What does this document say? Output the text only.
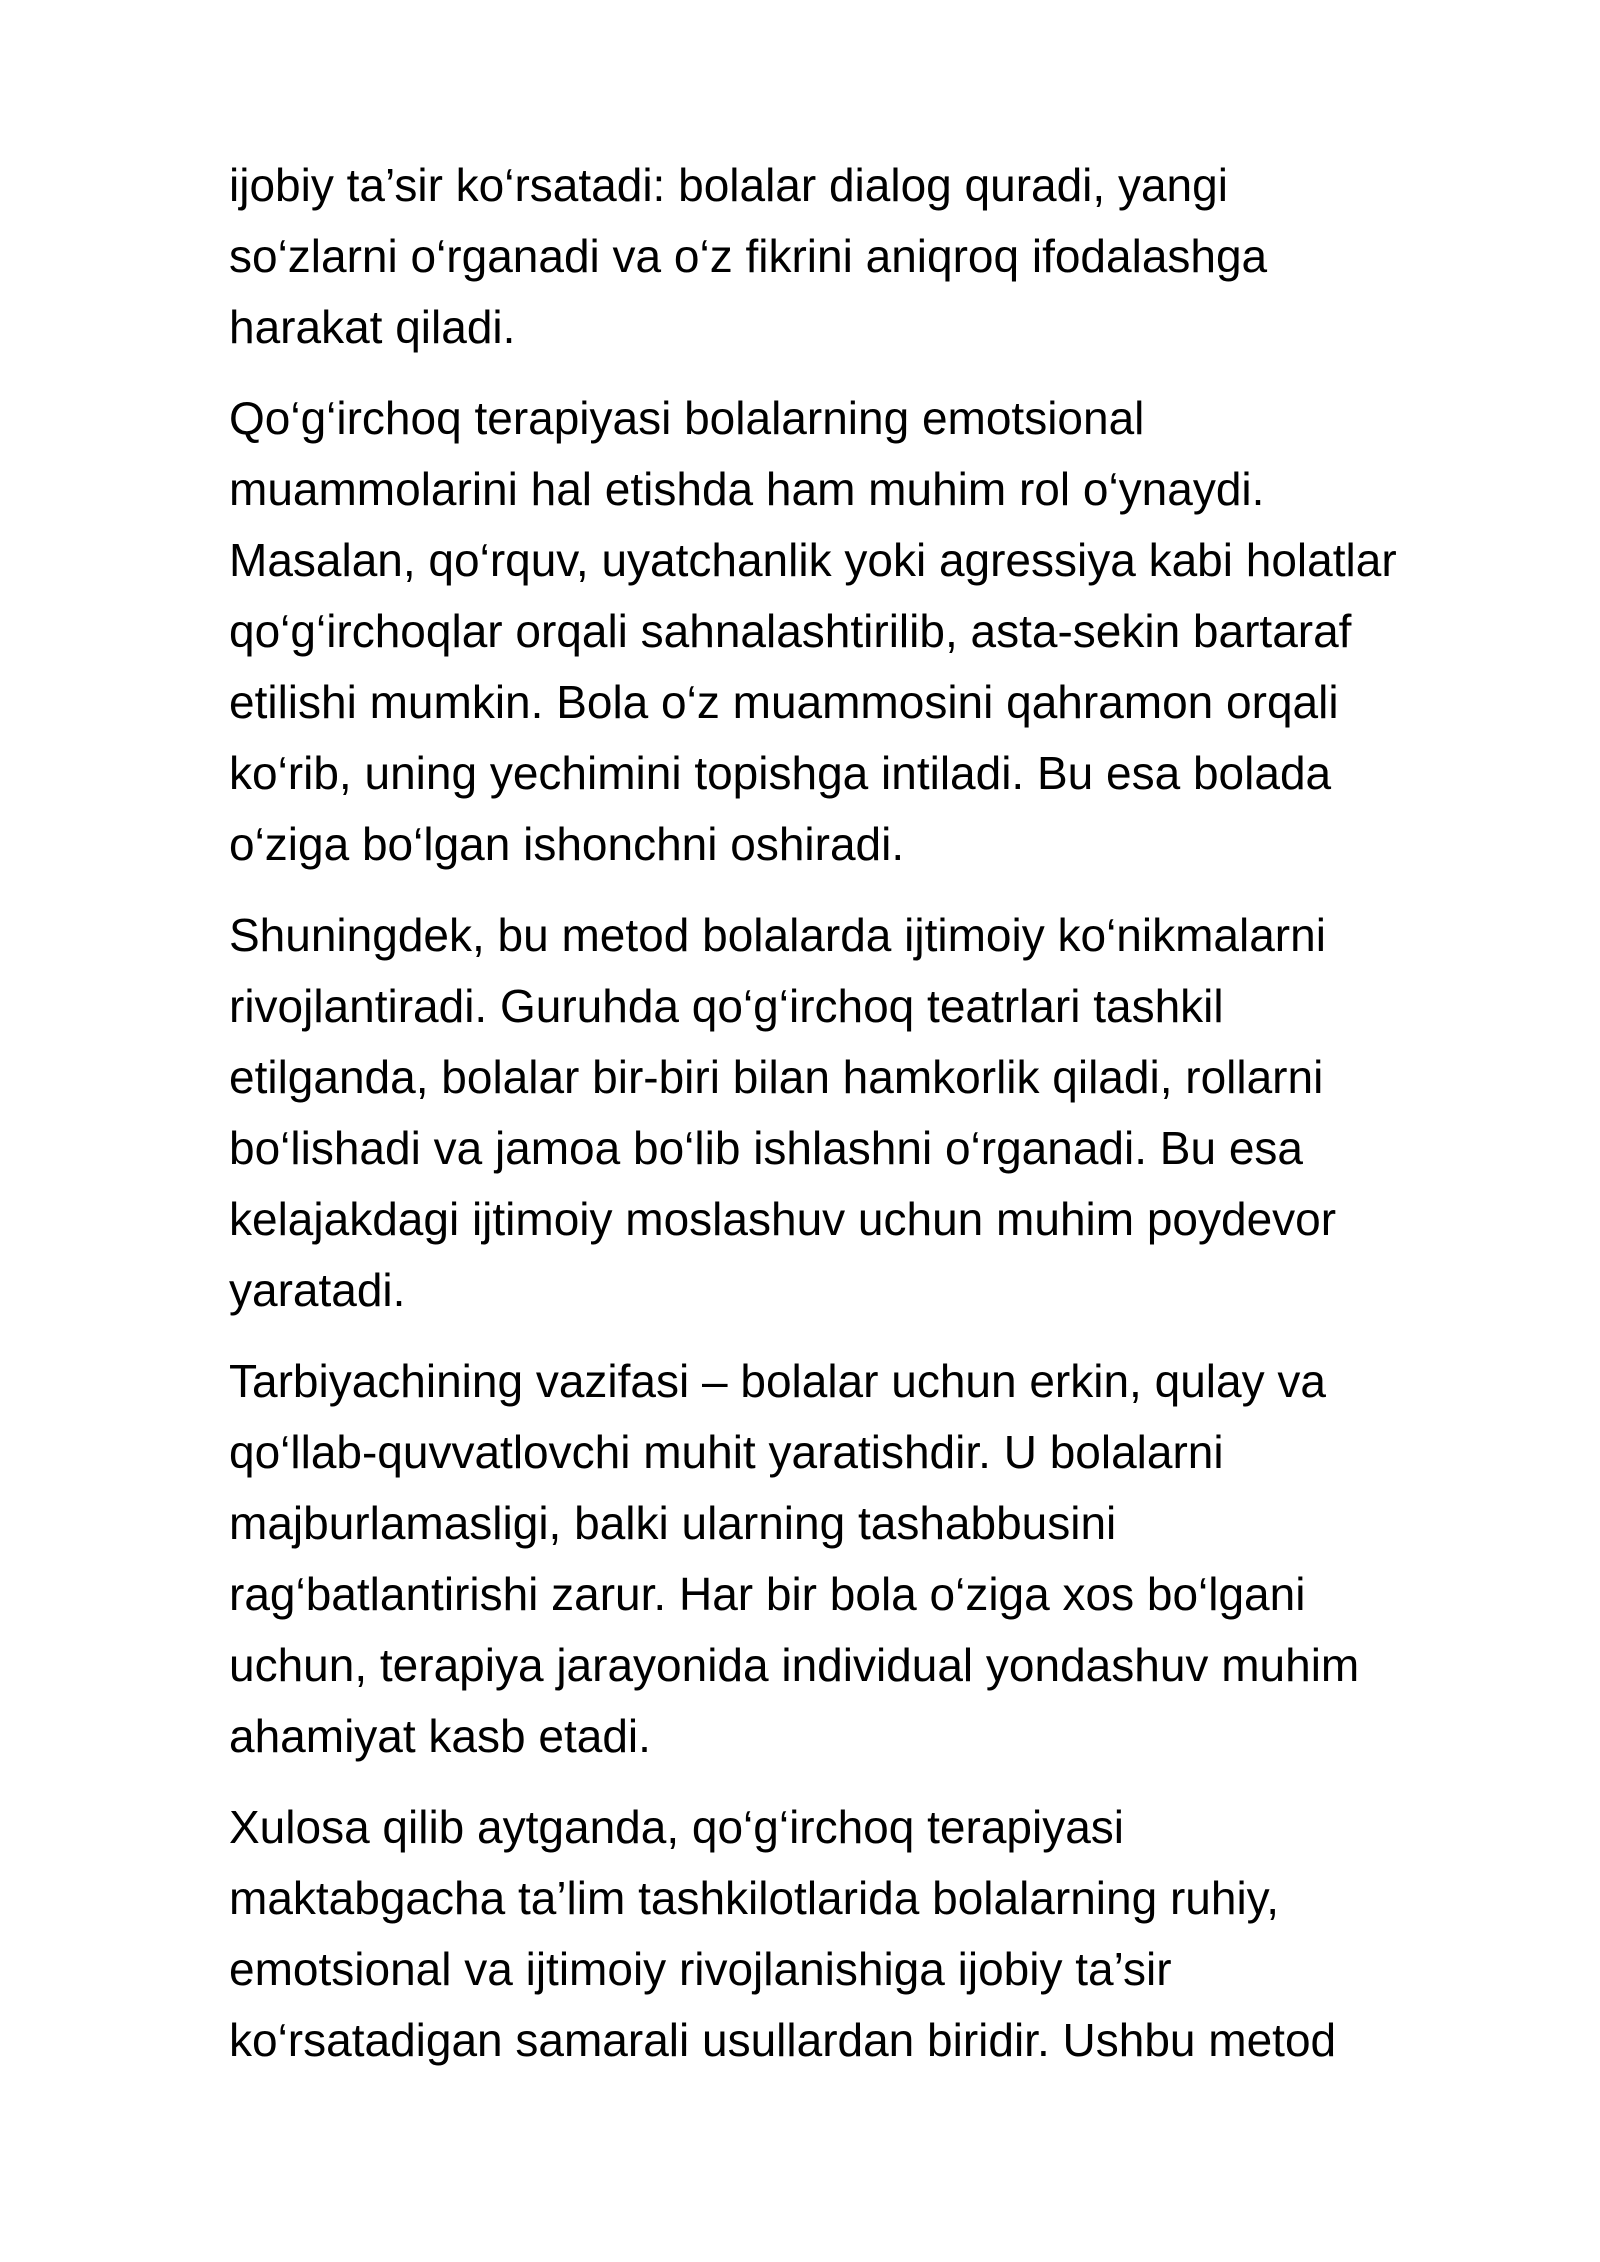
ijobiy ta’sir ko‘rsatadi: bolalar dialog quradi, yangi
so‘zlarni o‘rganadi va o‘z fikrini aniqroq ifodalashga
harakat qiladi.

Qo‘g‘irchoq terapiyasi bolalarning emotsional
muammolarini hal etishda ham muhim rol o‘ynaydi.
Masalan, qo‘rquv, uyatchanlik yoki agressiya kabi holatlar
qo‘g‘irchoqlar orqali sahnalashtirilib, asta-sekin bartaraf
etilishi mumkin. Bola o‘z muammosini qahramon orqali
ko‘rib, uning yechimini topishga intiladi. Bu esa bolada
o‘ziga bo‘lgan ishonchni oshiradi.

Shuningdek, bu metod bolalarda ijtimoiy ko‘nikmalarni
rivojlantiradi. Guruhda qo‘g‘irchoq teatrlari tashkil
etilganda, bolalar bir-biri bilan hamkorlik qiladi, rollarni
bo‘lishadi va jamoa bo‘lib ishlashni o‘rganadi. Bu esa
kelajakdagi ijtimoiy moslashuv uchun muhim poydevor
yaratadi.

Tarbiyachining vazifasi – bolalar uchun erkin, qulay va
qo‘llab-quvvatlovchi muhit yaratishdir. U bolalarni
majburlamasligi, balki ularning tashabbusini
rag‘batlantirishi zarur. Har bir bola o‘ziga xos bo‘lgani
uchun, terapiya jarayonida individual yondashuv muhim
ahamiyat kasb etadi.

Xulosa qilib aytganda, qo‘g‘irchoq terapiyasi
maktabgacha ta’lim tashkilotlarida bolalarning ruhiy,
emotsional va ijtimoiy rivojlanishiga ijobiy ta’sir
ko‘rsatadigan samarali usullardan biridir. Ushbu metod
